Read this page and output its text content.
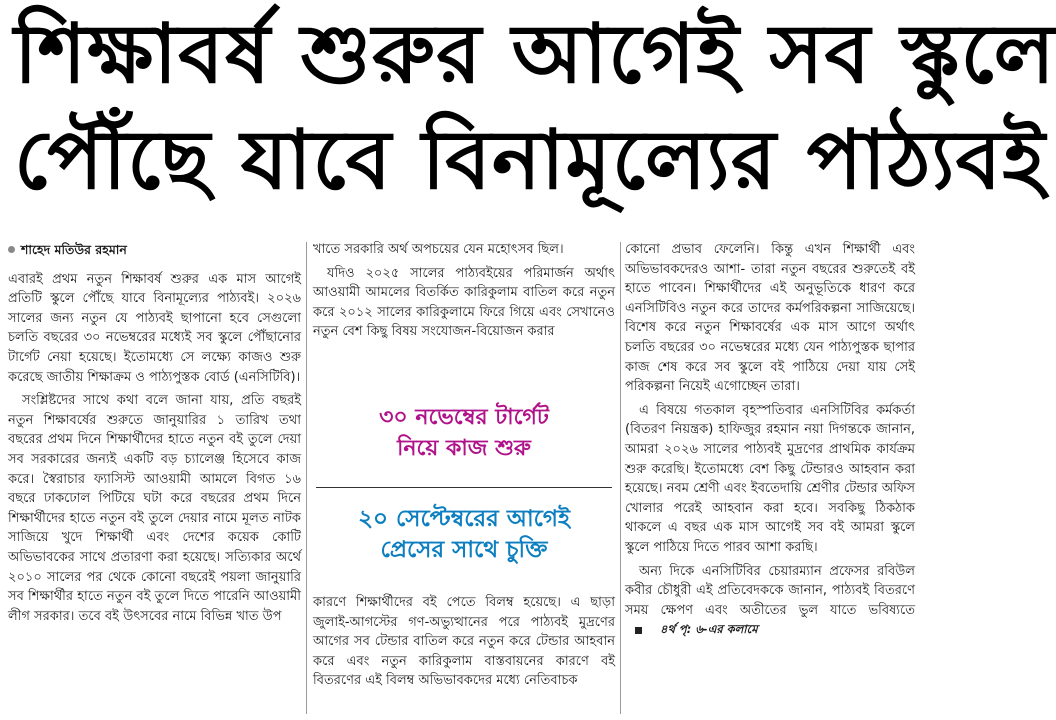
শিক্ষাবর্ষ শুরুর আগেই সব স্কুলে
পৌঁছে যাবে বিনামূল্যের পাঠ্যবই
শাহেদ মতিউর রহমান

এবারই প্রথম নতুন শিক্ষাবর্ষ শুরুর এক মাস আগেই প্রতিটি স্কুলে পৌঁছে যাবে বিনামূল্যের পাঠ্যবই। ২০২৬ সালের জন্য নতুন যে পাঠ্যবই ছাপানো হবে সেগুলো চলতি বছরের ৩০ নভেম্বরের মধ্যেই সব স্কুলে পৌঁছানোর টার্গেট নেয়া হয়েছে। ইতোমধ্যে সে লক্ষ্যে কাজও শুরু করেছে জাতীয় শিক্ষাক্রম ও পাঠ্যপুস্তক বোর্ড (এনসিটিবি)।

সংশ্লিষ্টদের সাথে কথা বলে জানা যায়, প্রতি বছরই নতুন শিক্ষাবর্ষের শুরুতে জানুয়ারির ১ তারিখ তথা বছরের প্রথম দিনে শিক্ষার্থীদের হাতে নতুন বই তুলে দেয়া সব সরকারের জন্যই একটি বড় চ্যালেঞ্জ হিসেবে কাজ করে। স্বৈরাচার ফ্যাসিস্ট আওয়ামী আমলে বিগত ১৬ বছরে ঢাকঢোল পিটিয়ে ঘটা করে বছরের প্রথম দিনে শিক্ষার্থীদের হাতে নতুন বই তুলে দেয়ার নামে মূলত নাটক সাজিয়ে খুদে শিক্ষার্থী এবং দেশের কয়েক কোটি অভিভাবকের সাথে প্রতারণা করা হয়েছে। সত্যিকার অর্থে ২০১০ সালের পর থেকে কোনো বছরেই পয়লা জানুয়ারি সব শিক্ষার্থীর হাতে নতুন বই তুলে দিতে পারেনি আওয়ামী লীগ সরকার। তবে বই উৎসবের নামে বিভিন্ন খাত উপ

খাতে সরকারি অর্থ অপচয়ের যেন মহোৎসব ছিল।

যদিও ২০২৫ সালের পাঠ্যবইয়ের পরিমার্জন অর্থাৎ আওয়ামী আমলের বিতর্কিত কারিকুলাম বাতিল করে নতুন করে ২০১২ সালের কারিকুলামে ফিরে গিয়ে এবং সেখানেও নতুন বেশ কিছু বিষয় সংযোজন-বিয়োজন করার

৩০ নভেম্বের টার্গেট
নিয়ে কাজ শুরু
২০ সেপ্টেম্বরের আগেই
প্রেসের সাথে চুক্তি

কারণে শিক্ষার্থীদের বই পেতে বিলম্ব হয়েছে। এ ছাড়া জুলাই-আগস্টের গণ-অভ্যুত্থানের পরে পাঠ্যবই মুদ্রণের আগের সব টেন্ডার বাতিল করে নতুন করে টেন্ডার আহবান করে এবং নতুন কারিকুলাম বাস্তবায়নের কারণে বই বিতরণের এই বিলম্ব অভিভাবকদের মধ্যে নেতিবাচক

কোনো প্রভাব ফেলেনি। কিন্তু এখন শিক্ষার্থী এবং অভিভাবকদেরও আশা- তারা নতুন বছরের শুরুতেই বই হাতে পাবেন। শিক্ষার্থীদের এই অনুভূতিকে ধারণ করে এনসিটিবিও নতুন করে তাদের কর্মপরিকল্পনা সাজিয়েছে। বিশেষ করে নতুন শিক্ষাবর্ষের এক মাস আগে অর্থাৎ চলতি বছরের ৩০ নভেম্বরের মধ্যে যেন পাঠ্যপুস্তক ছাপার কাজ শেষ করে সব স্কুলে বই পাঠিয়ে দেয়া যায় সেই পরিকল্পনা নিয়েই এগোচ্ছেন তারা।

এ বিষয়ে গতকাল বৃহস্পতিবার এনসিটিবির কর্মকর্তা (বিতরণ নিয়ন্ত্রক) হাফিজুর রহমান নয়া দিগন্তকে জানান, আমরা ২০২৬ সালের পাঠ্যবই মুদ্রণের প্রাথমিক কার্যক্রম শুরু করেছি। ইতোমধ্যে বেশ কিছু টেন্ডারও আহবান করা হয়েছে। নবম শ্রেণী এবং ইবতেদায়ি শ্রেণীর টেন্ডার অফিস খোলার পরেই আহবান করা হবে। সবকিছু ঠিকঠাক থাকলে এ বছর এক মাস আগেই সব বই আমরা স্কুলে স্কুলে পাঠিয়ে দিতে পারব আশা করছি।

অন্য দিকে এনসিটিবির চেয়ারম্যান প্রফেসর রবিউল কবীর চৌধুরী এই প্রতিবেদককে জানান, পাঠ্যবই বিতরণে সময় ক্ষেপণ এবং অতীতের ভুল যাতে ভবিষ্যতে
৪র্থ পৃ: ৬-এর কলামে
